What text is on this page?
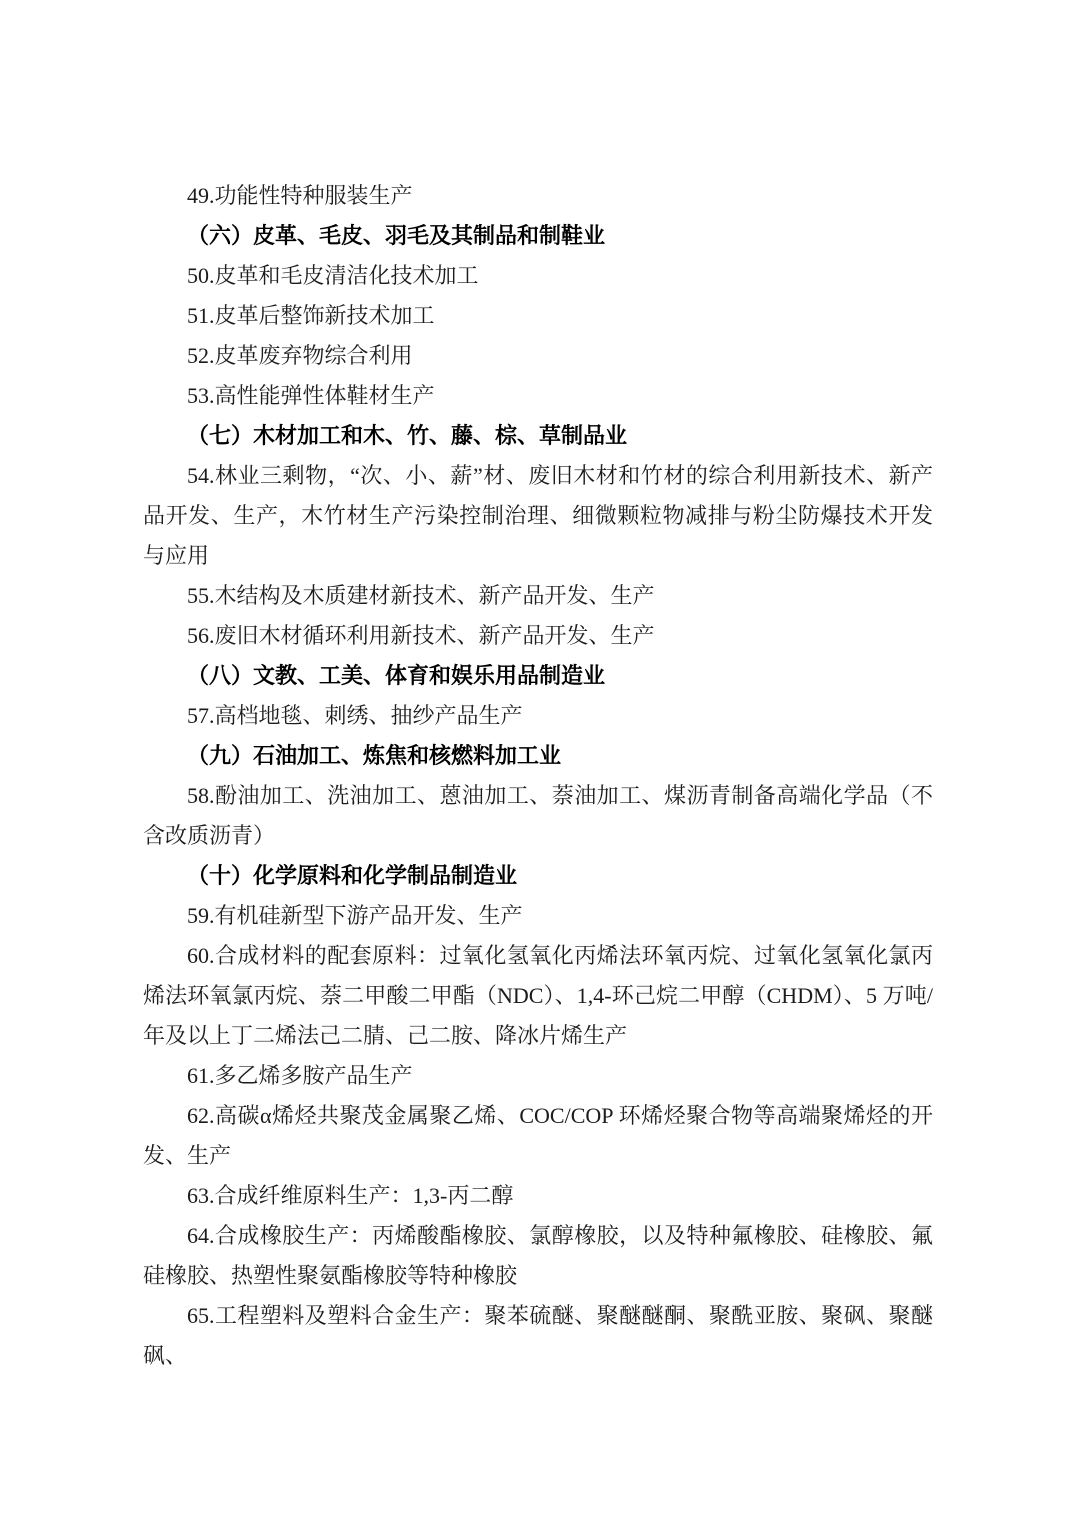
49.功能性特种服装生产

（六）皮革、毛皮、羽毛及其制品和制鞋业

50.皮革和毛皮清洁化技术加工

51.皮革后整饰新技术加工

52.皮革废弃物综合利用

53.高性能弹性体鞋材生产

（七）木材加工和木、竹、藤、棕、草制品业

54.林业三剩物，“次、小、薪”材、废旧木材和竹材的综合利用新技术、新产品开发、生产，木竹材生产污染控制治理、细微颗粒物减排与粉尘防爆技术开发与应用

55.木结构及木质建材新技术、新产品开发、生产

56.废旧木材循环利用新技术、新产品开发、生产

（八）文教、工美、体育和娱乐用品制造业

57.高档地毯、刺绣、抽纱产品生产

（九）石油加工、炼焦和核燃料加工业

58.酚油加工、洗油加工、蒽油加工、萘油加工、煤沥青制备高端化学品（不含改质沥青）

（十）化学原料和化学制品制造业

59.有机硅新型下游产品开发、生产

60.合成材料的配套原料：过氧化氢氧化丙烯法环氧丙烷、过氧化氢氧化氯丙烯法环氧氯丙烷、萘二甲酸二甲酯（NDC）、1,4-环己烷二甲醇（CHDM）、5 万吨/年及以上丁二烯法己二腈、己二胺、降冰片烯生产

61.多乙烯多胺产品生产

62.高碳α烯烃共聚茂金属聚乙烯、COC/COP 环烯烃聚合物等高端聚烯烃的开发、生产

63.合成纤维原料生产：1,3-丙二醇

64.合成橡胶生产：丙烯酸酯橡胶、氯醇橡胶，以及特种氟橡胶、硅橡胶、氟硅橡胶、热塑性聚氨酯橡胶等特种橡胶

65.工程塑料及塑料合金生产：聚苯硫醚、聚醚醚酮、聚酰亚胺、聚砜、聚醚砜、
